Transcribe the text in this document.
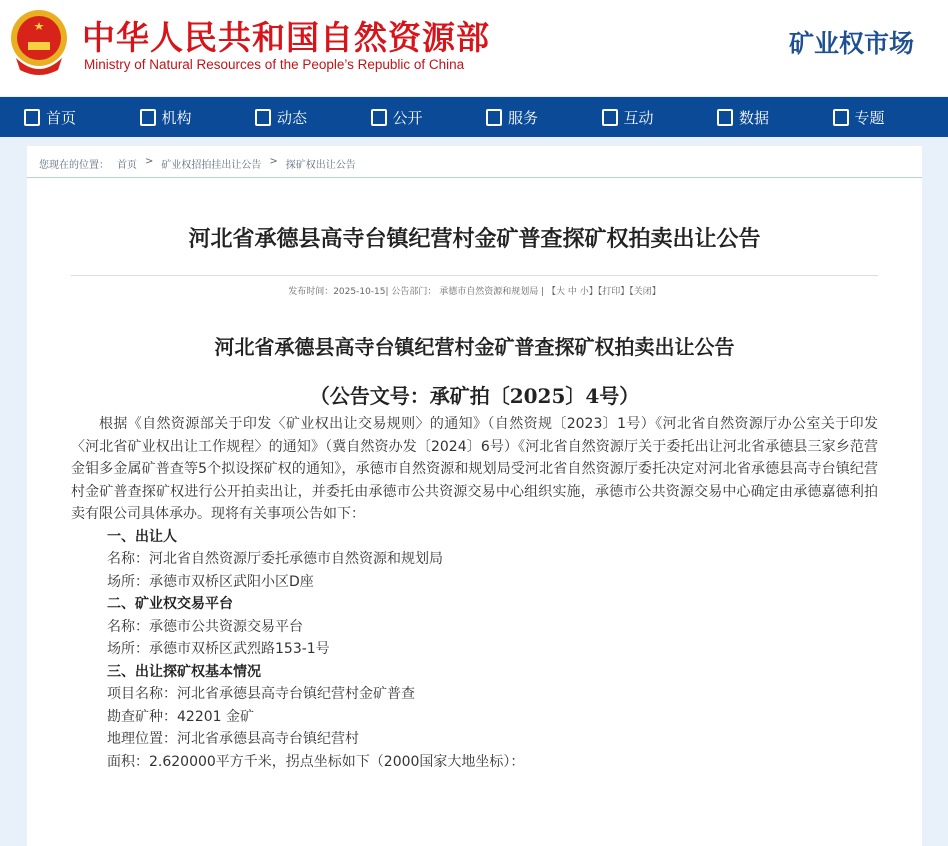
中华人民共和国自然资源部
Ministry of Natural Resources of the People’s Republic of China
矿业权市场
首页	机构	动态	公开	服务	互动	数据	专题
您现在的位置： 首页 > 矿业权招拍挂出让公告 > 探矿权出让公告
河北省承德县高寺台镇纪营村金矿普查探矿权拍卖出让公告
发布时间：2025-10-15| 公告部门： 承德市自然资源和规划局 | 【大 中 小】【打印】【关闭】
河北省承德县高寺台镇纪营村金矿普查探矿权拍卖出让公告
（公告文号：承矿拍〔2025〕4号）

根据《自然资源部关于印发〈矿业权出让交易规则〉的通知》（自然资规〔2023〕1号）《河北省自然资源厅办公室关于印发〈河北省矿业权出让工作规程〉的通知》（冀自然资办发〔2024〕6号）《河北省自然资源厅关于委托出让河北省承德县三家乡范营金钼多金属矿普查等5个拟设探矿权的通知》，承德市自然资源和规划局受河北省自然资源厅委托决定对河北省承德县高寺台镇纪营村金矿普查探矿权进行公开拍卖出让，并委托由承德市公共资源交易中心组织实施，承德市公共资源交易中心确定由承德嘉德利拍卖有限公司具体承办。现将有关事项公告如下：

一、出让人
名称：河北省自然资源厅委托承德市自然资源和规划局
场所：承德市双桥区武阳小区D座
二、矿业权交易平台
名称：承德市公共资源交易平台
场所：承德市双桥区武烈路153-1号
三、出让探矿权基本情况
项目名称：河北省承德县高寺台镇纪营村金矿普查
勘查矿种：42201 金矿
地理位置：河北省承德县高寺台镇纪营村
面积：2.620000平方千米，拐点坐标如下（2000国家大地坐标）：
